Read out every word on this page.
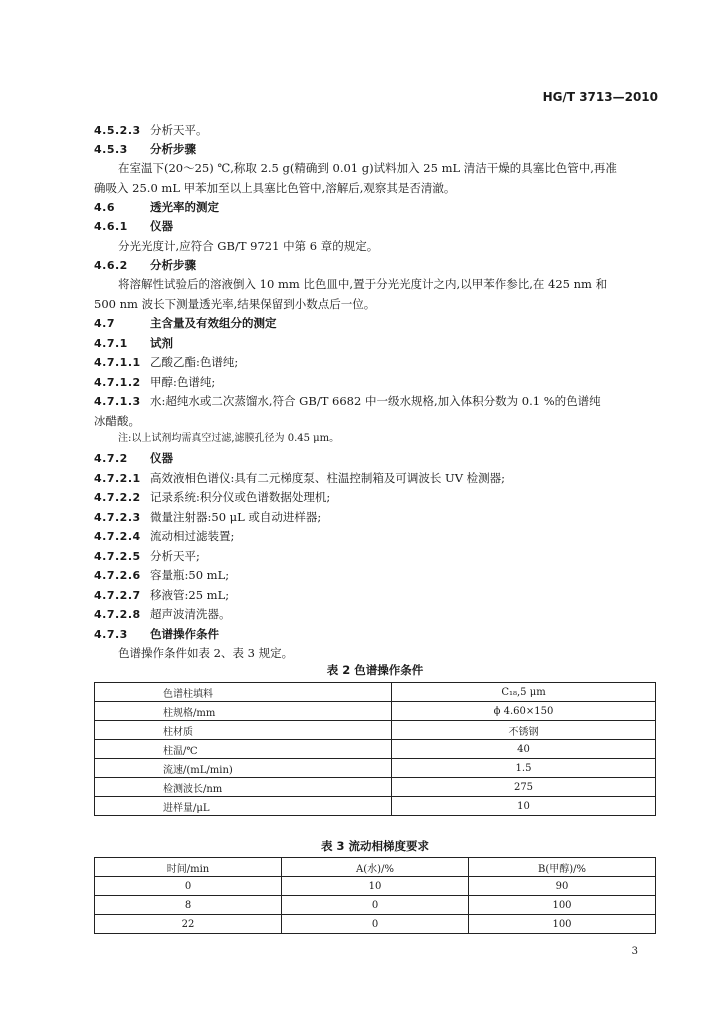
HG/T 3713—2010
4.5.2.3 分析天平。
4.5.3 分析步骤
在室温下(20～25) ℃,称取 2.5 g(精确到 0.01 g)试料加入 25 mL 清洁干燥的具塞比色管中,再准
确吸入 25.0 mL 甲苯加至以上具塞比色管中,溶解后,观察其是否清澈。
4.6	透光率的测定
4.6.1 仪器
分光光度计,应符合 GB/T 9721 中第 6 章的规定。
4.6.2 分析步骤
将溶解性试验后的溶液倒入 10 mm 比色皿中,置于分光光度计之内,以甲苯作参比,在 425 nm 和
500 nm 波长下测量透光率,结果保留到小数点后一位。
4.7	主含量及有效组分的测定
4.7.1 试剂
4.7.1.1 乙酸乙酯:色谱纯;
4.7.1.2 甲醇:色谱纯;
4.7.1.3 水:超纯水或二次蒸馏水,符合 GB/T 6682 中一级水规格,加入体积分数为 0.1 %的色谱纯
冰醋酸。
注:以上试剂均需真空过滤,滤膜孔径为 0.45 μm。
4.7.2 仪器
4.7.2.1 高效液相色谱仪:具有二元梯度泵、柱温控制箱及可调波长 UV 检测器;
4.7.2.2 记录系统:积分仪或色谱数据处理机;
4.7.2.3 微量注射器:50 μL 或自动进样器;
4.7.2.4 流动相过滤装置;
4.7.2.5 分析天平;
4.7.2.6 容量瓶:50 mL;
4.7.2.7 移液管:25 mL;
4.7.2.8 超声波清洗器。
4.7.3 色谱操作条件
色谱操作条件如表 2、表 3 规定。
表 2 色谱操作条件
色谱柱填料	C₁₈,5 μm
柱规格/mm	ϕ 4.60×150
柱材质	不锈钢
柱温/℃	40
流速/(mL/min)	1.5
检测波长/nm	275
进样量/μL	10
表 3 流动相梯度要求
时间/min	A(水)/%	B(甲醇)/%
0	10	90
8	0	100
22	0	100
3
